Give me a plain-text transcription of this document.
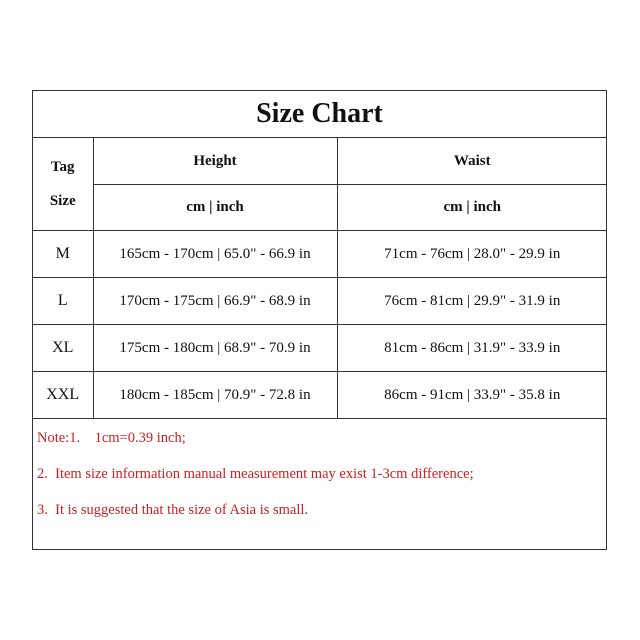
Size Chart
Tag
Size	Height	Waist
	cm | inch	cm | inch
M	165cm - 170cm | 65.0" - 66.9 in	71cm - 76cm | 28.0" - 29.9 in
L	170cm - 175cm | 66.9" - 68.9 in	76cm - 81cm | 29.9" - 31.9 in
XL	175cm - 180cm | 68.9" - 70.9 in	81cm - 86cm | 31.9" - 33.9 in
XXL	180cm - 185cm | 70.9" - 72.8 in	86cm - 91cm | 33.9" - 35.8 in
Note:1.    1cm=0.39 inch;
2.  Item size information manual measurement may exist 1-3cm difference;
3.  It is suggested that the size of Asia is small.
